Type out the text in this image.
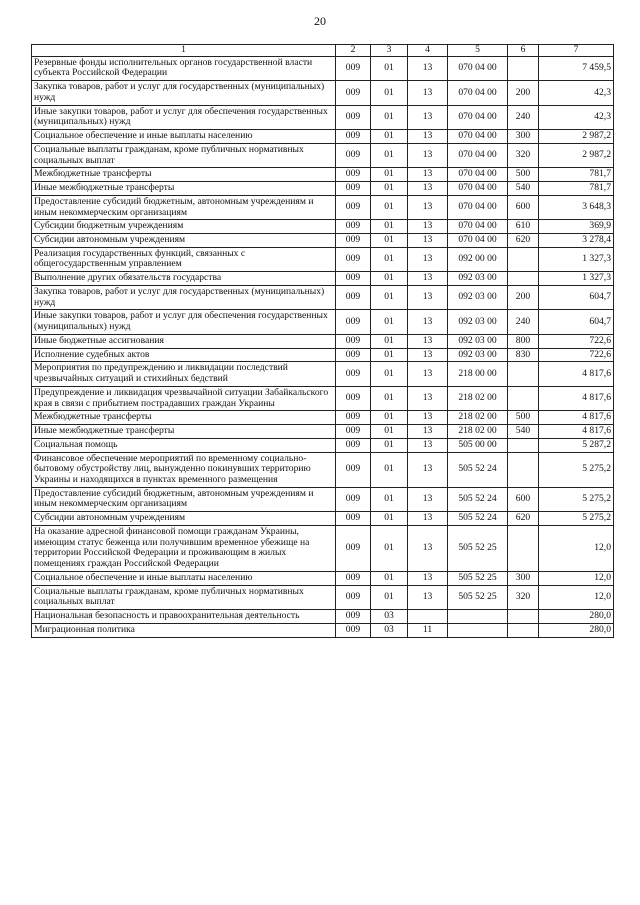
20
1	2	3	4	5	6	7
Резервные фонды исполнительных органов государственной власти субъекта Российской Федерации	009	01	13	070 04 00		7 459,5
Закупка товаров, работ и услуг для государственных (муниципальных) нужд	009	01	13	070 04 00	200	42,3
Иные закупки товаров, работ и услуг для обеспечения государственных (муниципальных) нужд	009	01	13	070 04 00	240	42,3
Социальное обеспечение и иные выплаты населению	009	01	13	070 04 00	300	2 987,2
Социальные выплаты гражданам, кроме публичных нормативных социальных выплат	009	01	13	070 04 00	320	2 987,2
Межбюджетные трансферты	009	01	13	070 04 00	500	781,7
Иные межбюджетные трансферты	009	01	13	070 04 00	540	781,7
Предоставление субсидий бюджетным, автономным учреждениям и иным некоммерческим организациям	009	01	13	070 04 00	600	3 648,3
Субсидии бюджетным учреждениям	009	01	13	070 04 00	610	369,9
Субсидии автономным учреждениям	009	01	13	070 04 00	620	3 278,4
Реализация государственных функций, связанных с общегосударственным управлением	009	01	13	092 00 00		1 327,3
Выполнение других обязательств государства	009	01	13	092 03 00		1 327,3
Закупка товаров, работ и услуг для государственных (муниципальных) нужд	009	01	13	092 03 00	200	604,7
Иные закупки товаров, работ и услуг для обеспечения государственных (муниципальных) нужд	009	01	13	092 03 00	240	604,7
Иные бюджетные ассигнования	009	01	13	092 03 00	800	722,6
Исполнение судебных актов	009	01	13	092 03 00	830	722,6
Мероприятия по предупреждению и ликвидации последствий чрезвычайных ситуаций и стихийных бедствий	009	01	13	218 00 00		4 817,6
Предупреждение и ликвидация чрезвычайной ситуации Забайкальского края в связи с прибытием пострадавших граждан Украины	009	01	13	218 02 00		4 817,6
Межбюджетные трансферты	009	01	13	218 02 00	500	4 817,6
Иные межбюджетные трансферты	009	01	13	218 02 00	540	4 817,6
Социальная помощь	009	01	13	505 00 00		5 287,2
Финансовое обеспечение мероприятий по временному социально-бытовому обустройству лиц, вынужденно покинувших территорию Украины и находящихся в пунктах временного размещения	009	01	13	505 52 24		5 275,2
Предоставление субсидий бюджетным, автономным учреждениям и иным некоммерческим организациям	009	01	13	505 52 24	600	5 275,2
Субсидии автономным учреждениям	009	01	13	505 52 24	620	5 275,2
На оказание адресной финансовой помощи гражданам Украины, имеющим статус беженца или получившим временное убежище на территории Российской Федерации и проживающим в жилых помещениях граждан Российской Федерации	009	01	13	505 52 25		12,0
Социальное обеспечение и иные выплаты населению	009	01	13	505 52 25	300	12,0
Социальные выплаты гражданам, кроме публичных нормативных социальных выплат	009	01	13	505 52 25	320	12,0
Национальная безопасность и правоохранительная деятельность	009	03				280,0
Миграционная политика	009	03	11			280,0
